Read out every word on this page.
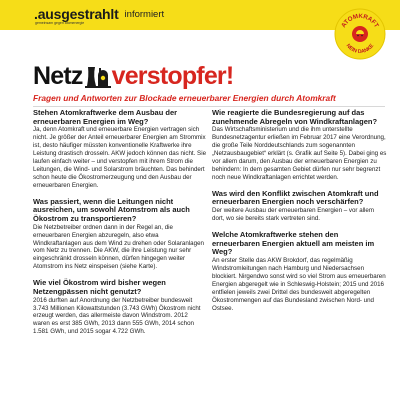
.ausgestrahlt
gemeinsam gegen atomenergie
informiert
ATOMKRAFT
NEIN DANKE
Netz verstopfer!
Fragen und Antworten zur Blockade erneuerbarer Energien durch Atomkraft

Stehen Atomkraftwerke dem Ausbau der erneuerbaren Energien im Weg?

Ja, denn Atomkraft und erneuerbare Energien vertragen sich nicht. Je größer der Anteil erneuerbarer Energien am Strommix ist, desto häufiger müssten konventionelle Kraftwerke ihre Leistung drastisch drosseln. AKW jedoch können das nicht. Sie laufen einfach weiter – und verstopfen mit ihrem Strom die Leitungen, die Wind- und Solarstrom bräuchten. Das behindert schon heute die Ökostromerzeugung und den Ausbau der erneuerbaren Energien.

Was passiert, wenn die Leitungen nicht ausreichen, um sowohl Atomstrom als auch Ökostrom zu transportieren?

Die Netzbetreiber ordnen dann in der Regel an, die erneuerbaren Energien abzuregeln, also etwa Windkraftanlagen aus dem Wind zu drehen oder Solaranlagen vom Netz zu trennen. Die AKW, die ihre Leistung nur sehr eingeschränkt drosseln können, dürfen hingegen weiter Atomstrom ins Netz einspeisen (siehe Karte).

Wie viel Ökostrom wird bisher wegen Netzengpässen nicht genutzt?

2016 durften auf Anordnung der Netzbetreiber bundesweit 3.743 Millionen Kilowattstunden (3.743 GWh) Ökostrom nicht erzeugt werden, das allermeiste davon Windstrom. 2012 waren es erst 385 GWh, 2013 dann 555 GWh, 2014 schon 1.581 GWh, und 2015 sogar 4.722 GWh.

Wie reagierte die Bundesregierung auf das zunehmende Abregeln von Windkraftanlagen?

Das Wirtschaftsministerium und die ihm unterstellte Bundesnetzagentur erließen im Februar 2017 eine Verordnung, die große Teile Norddeutschlands zum sogenannten „Netzausbaugebiet“ erklärt (s. Grafik auf Seite 5). Dabei ging es vor allem darum, den Ausbau der erneuerbaren Energien zu behindern: In dem gesamten Gebiet dürfen nur sehr begrenzt noch neue Windkraftanlagen errichtet werden.

Was wird den Konflikt zwischen Atomkraft und erneuerbaren Energien noch verschärfen?

Der weitere Ausbau der erneuerbaren Energien – vor allem dort, wo sie bereits stark vertreten sind.

Welche Atomkraftwerke stehen den erneuerbaren Energien aktuell am meisten im Weg?

An erster Stelle das AKW Brokdorf, das regelmäßig Windstromleitungen nach Hamburg und Niedersachsen blockiert. Nirgendwo sonst wird so viel Strom aus erneuerbaren Energien abgeregelt wie in Schleswig-Holstein; 2015 und 2016 entfielen jeweils zwei Drittel des bundesweit abgeregelten Ökostrommengen auf das Bundesland zwischen Nord- und Ostsee.
